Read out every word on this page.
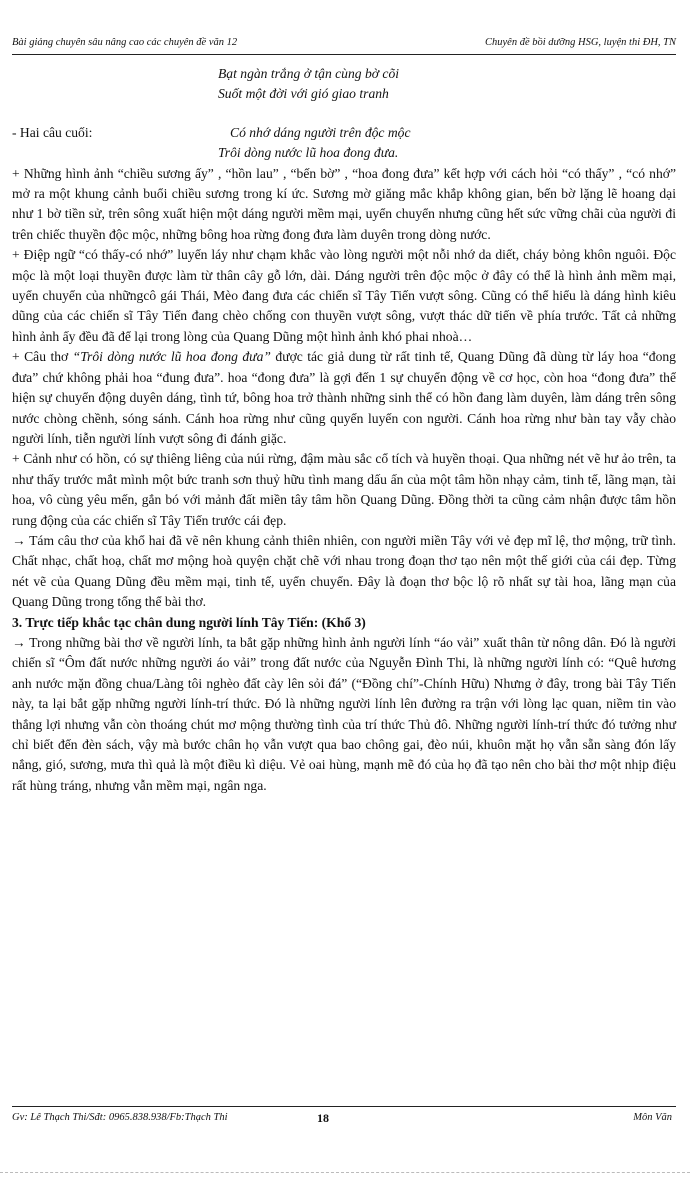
Bài giảng chuyên sâu nâng cao các chuyên đề văn 12	Chuyên đề bồi dưỡng HSG, luyện thi ĐH, TN

Bạt ngàn trắng ở tận cùng bờ cõi

Suốt một đời với gió giao tranh

- Hai câu cuối:	Có nhớ dáng người trên độc mộc

Trôi dòng nước lũ hoa đong đưa.

+ Những hình ảnh “chiều sương ấy” , “hồn lau” , “bến bờ” , “hoa đong đưa” kết hợp với cách hỏi “có thấy” , “có nhớ” mở ra một khung cảnh buổi chiều sương trong kí ức. Sương mờ giăng mắc khắp không gian, bến bờ lặng lẽ hoang dại như 1 bờ tiền sử, trên sông xuất hiện một dáng người mềm mại, uyển chuyển nhưng cũng hết sức vững chãi của người đi trên chiếc thuyền độc mộc, những bông hoa rừng đong đưa làm duyên trong dòng nước.

+ Điệp ngữ “có thấy-có nhớ” luyến láy như chạm khắc vào lòng người một nỗi nhớ da diết, cháy bỏng khôn nguôi. Độc mộc là một loại thuyền được làm từ thân cây gỗ lớn, dài. Dáng người trên độc mộc ở đây có thể là hình ảnh mềm mại, uyển chuyển của nhữngcô gái Thái, Mèo đang đưa các chiến sĩ Tây Tiến vượt sông. Cũng có thể hiểu là dáng hình kiêu dũng của các chiến sĩ Tây Tiến đang chèo chống con thuyền vượt sông, vượt thác dữ tiến về phía trước. Tất cả những hình ảnh ấy đều đã để lại trong lòng của Quang Dũng một hình ảnh khó phai nhoà…

+ Câu thơ “Trôi dòng nước lũ hoa đong đưa” được tác giả dung từ rất tinh tế, Quang Dũng đã dùng từ láy hoa “đong đưa” chứ không phải hoa “đung đưa”. hoa “đong đưa” là gợi đến 1 sự chuyển động về cơ học, còn hoa “đong đưa” thể hiện sự chuyển động duyên dáng, tình tứ, bông hoa trở thành những sinh thể có hồn đang làm duyên, làm dáng trên sông nước chòng chềnh, sóng sánh. Cánh hoa rừng như cũng quyến luyến con người. Cánh hoa rừng như bàn tay vẫy chào người lính, tiễn người lính vượt sông đi đánh giặc.

+ Cảnh như có hồn, có sự thiêng liêng của núi rừng, đậm màu sắc cổ tích và huyền thoại. Qua những nét vẽ hư ảo trên, ta như thấy trước mắt mình một bức tranh sơn thuỷ hữu tình mang dấu ấn của một tâm hồn nhạy cảm, tinh tế, lãng mạn, tài hoa, vô cùng yêu mến, gắn bó với mảnh đất miền tây tâm hồn Quang Dũng. Đồng thời ta cũng cảm nhận được tâm hồn rung động của các chiến sĩ Tây Tiến trước cái đẹp.

→ Tám câu thơ của khổ hai đã vẽ nên khung cảnh thiên nhiên, con người miền Tây với vẻ đẹp mĩ lệ, thơ mộng, trữ tình. Chất nhạc, chất hoạ, chất mơ mộng hoà quyện chặt chẽ với nhau trong đoạn thơ tạo nên một thế giới của cái đẹp. Từng nét vẽ của Quang Dũng đều mềm mại, tinh tế, uyển chuyển. Đây là đoạn thơ bộc lộ rõ nhất sự tài hoa, lãng mạn của Quang Dũng trong tổng thể bài thơ.

3. Trực tiếp khắc tạc chân dung người lính Tây Tiến: (Khổ 3)

→ Trong những bài thơ về người lính, ta bắt gặp những hình ảnh người lính “áo vải” xuất thân từ nông dân. Đó là người chiến sĩ “Ôm đất nước những người áo vải” trong đất nước của Nguyễn Đình Thi, là những người lính có: “Quê hương anh nước mặn đồng chua/Làng tôi nghèo đất cày lên sỏi đá” (“Đồng chí”-Chính Hữu) Nhưng ở đây, trong bài Tây Tiến này, ta lại bắt gặp những người lính-trí thức. Đó là những người lính lên đường ra trận với lòng lạc quan, niềm tin vào thắng lợi nhưng vẫn còn thoáng chút mơ mộng thường tình của trí thức Thủ đô. Những người lính-trí thức đó tưởng như chỉ biết đến đèn sách, vậy mà bước chân họ vẫn vượt qua bao chông gai, đèo núi, khuôn mặt họ vẫn sẵn sàng đón lấy nắng, gió, sương, mưa thì quả là một điều kì diệu. Vẻ oai hùng, mạnh mẽ đó của họ đã tạo nên cho bài thơ một nhịp điệu rất hùng tráng, nhưng vẫn mềm mại, ngân nga.

Gv: Lê Thạch Thi/Sđt: 0965.838.938/Fb:Thạch Thi	18	Môn Văn
